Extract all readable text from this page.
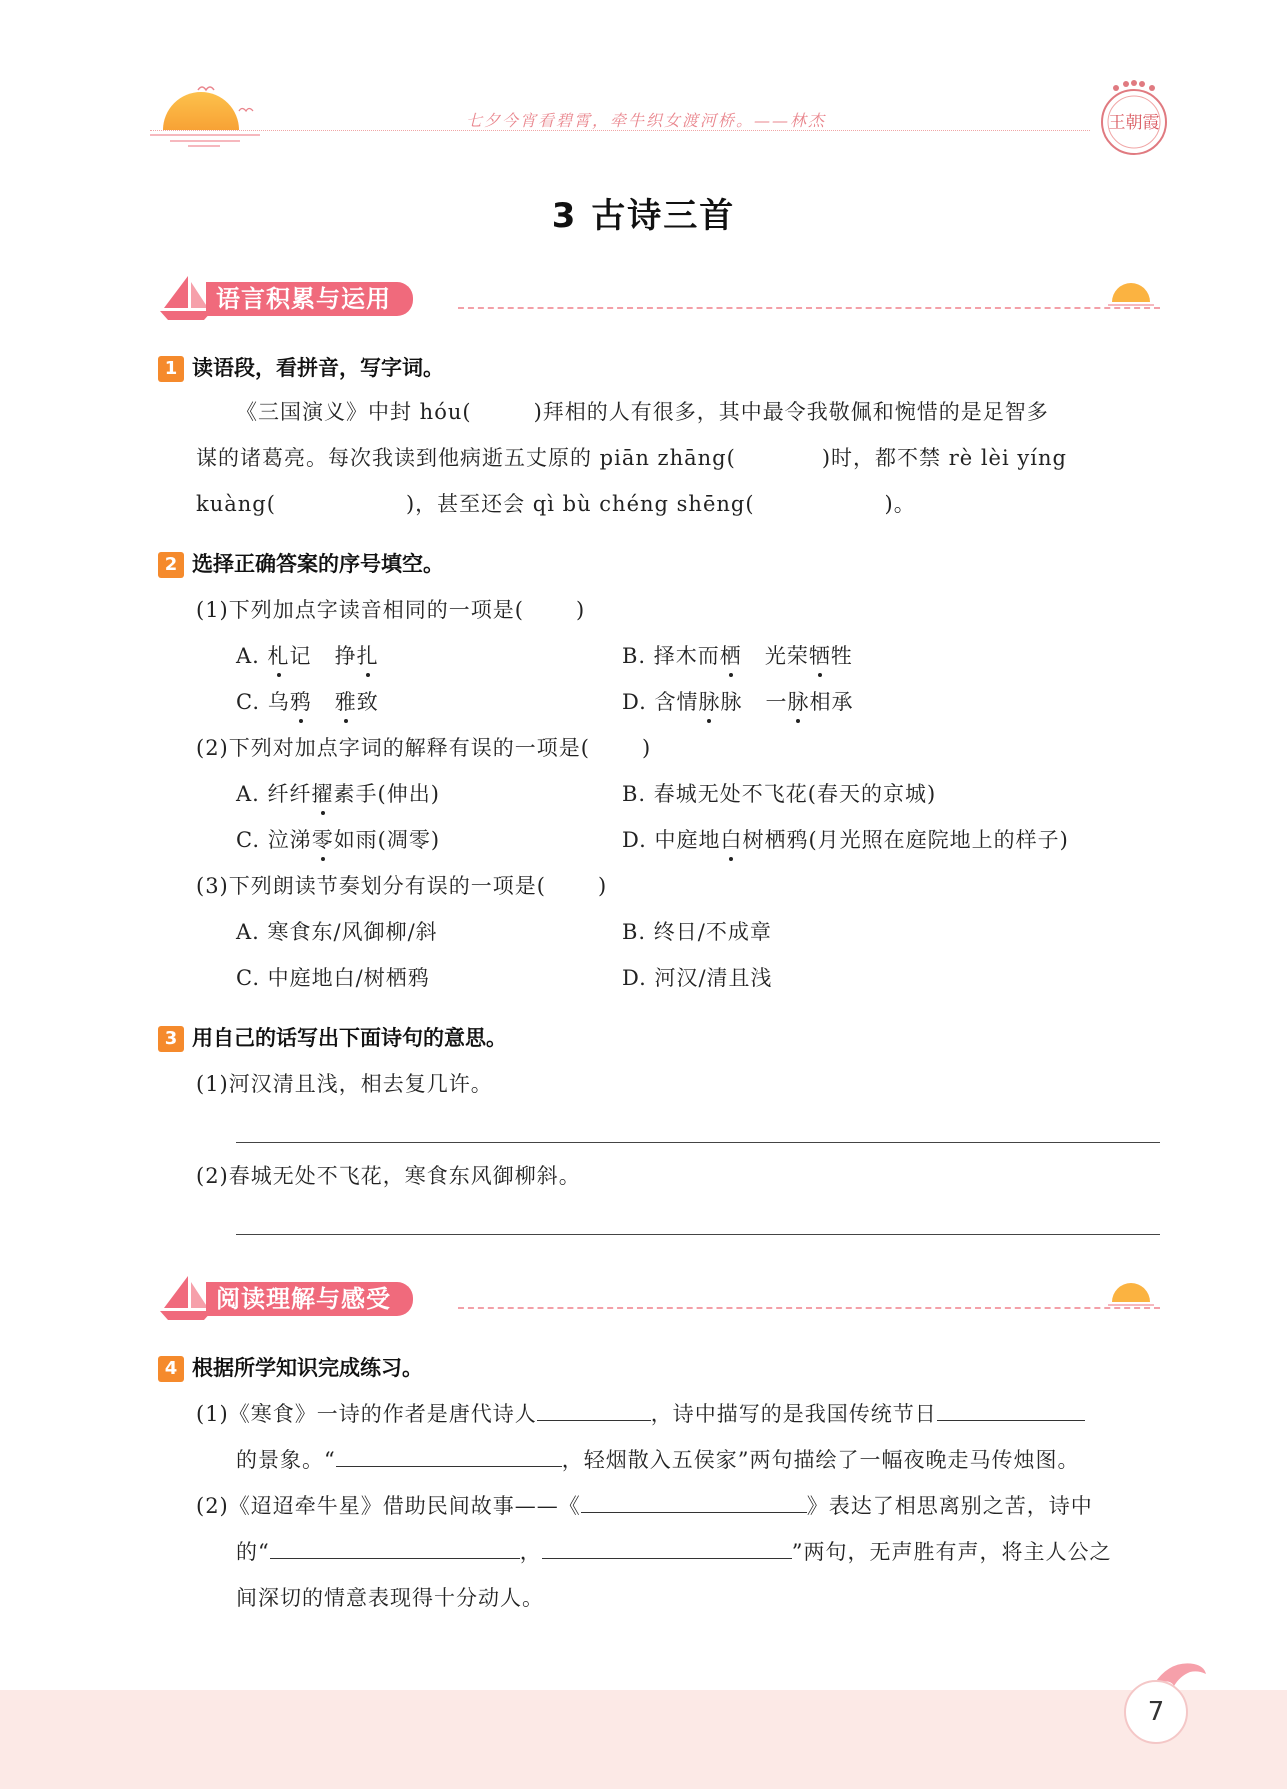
七夕今宵看碧霄，牵牛织女渡河桥。——林杰	王朝霞
3 古诗三首
语言积累与运用
1 读语段，看拼音，写字词。
《三国演义》中封 hóu(	)拜相的人有很多，其中最令我敬佩和惋惜的是足智多
谋的诸葛亮。每次我读到他病逝五丈原的 piān zhāng(	)时，都不禁 rè lèi yíng
kuàng(	)，甚至还会 qì bù chéng shēng(	)。
2 选择正确答案的序号填空。
(1)下列加点字读音相同的一项是( )
A. 札记 挣扎	B. 择木而栖 光荣牺牲
C. 乌鸦 雅致	D. 含情脉脉 一脉相承
(2)下列对加点字词的解释有误的一项是( )
A. 纤纤擢素手(伸出)	B. 春城无处不飞花(春天的京城)
C. 泣涕零如雨(凋零)	D. 中庭地白树栖鸦(月光照在庭院地上的样子)
(3)下列朗读节奏划分有误的一项是( )
A. 寒食东/风御柳/斜	B. 终日/不成章
C. 中庭地白/树栖鸦	D. 河汉/清且浅
3 用自己的话写出下面诗句的意思。
(1)河汉清且浅，相去复几许。
(2)春城无处不飞花，寒食东风御柳斜。
阅读理解与感受
4 根据所学知识完成练习。
(1)《寒食》一诗的作者是唐代诗人	，诗中描写的是我国传统节日
的景象。“	，轻烟散入五侯家”两句描绘了一幅夜晚走马传烛图。
(2)《迢迢牵牛星》借助民间故事——《	》表达了相思离别之苦，诗中
的“	，	”两句，无声胜有声，将主人公之
间深切的情意表现得十分动人。
7
